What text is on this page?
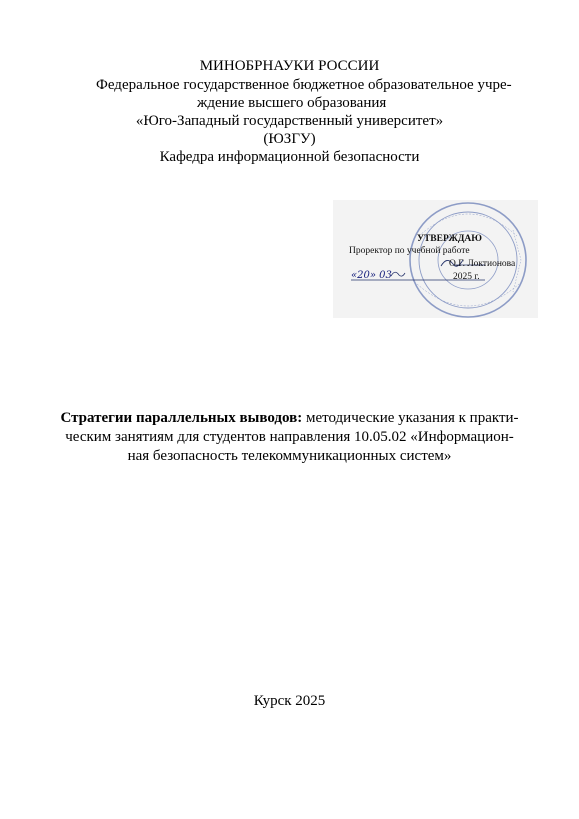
МИНОБРНАУКИ РОССИИ
Федеральное государственное бюджетное образовательное учре-
ждение высшего образования
«Юго-Западный государственный университет»
(ЮЗГУ)
Кафедра информационной безопасности
УТВЕРЖДАЮ
Проректор по учебной работе
О.Г. Локтионова
«20» 03	2025 г.
Стратегии параллельных выводов: методические указания к практи-
ческим занятиям для студентов направления 10.05.02 «Информацион-
ная безопасность телекоммуникационных систем»
Курск 2025
